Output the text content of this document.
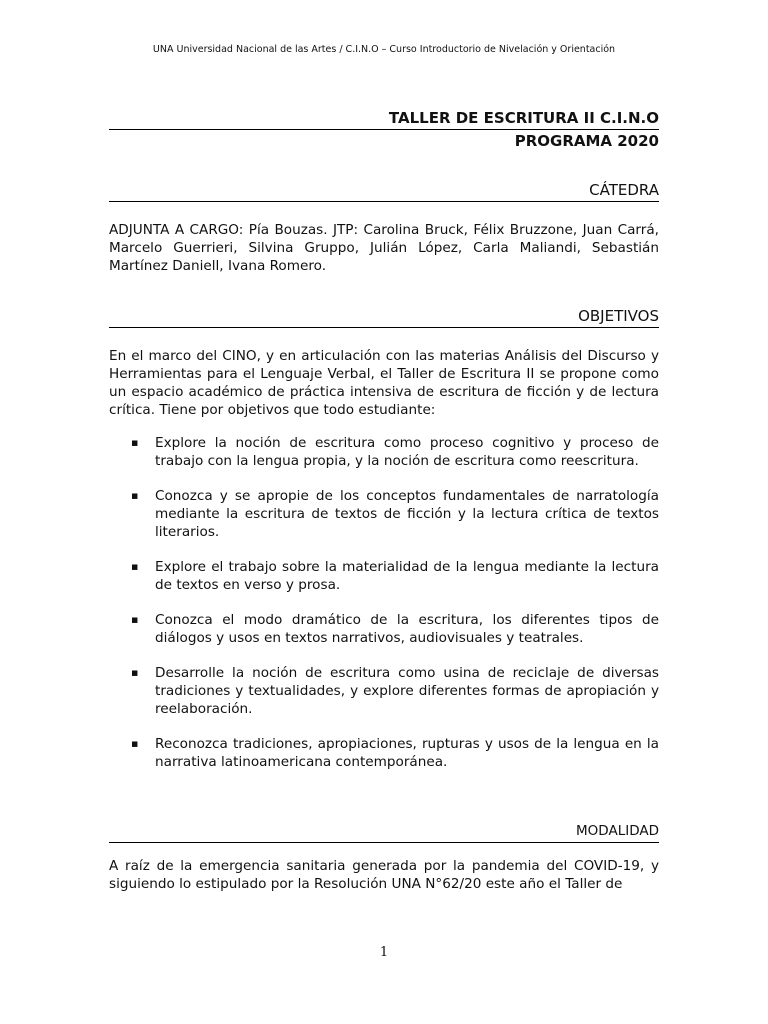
UNA Universidad Nacional de las Artes / C.I.N.O – Curso Introductorio de Nivelación y Orientación
TALLER DE ESCRITURA II C.I.N.O
PROGRAMA 2020
CÁTEDRA

ADJUNTA A CARGO: Pía Bouzas. JTP: Carolina Bruck, Félix Bruzzone, Juan Carrá, Marcelo Guerrieri, Silvina Gruppo, Julián López, Carla Maliandi, Sebastián Martínez Daniell, Ivana Romero.

OBJETIVOS

En el marco del CINO, y en articulación con las materias Análisis del Discurso y Herramientas para el Lenguaje Verbal, el Taller de Escritura II se propone como un espacio académico de práctica intensiva de escritura de ficción y de lectura crítica. Tiene por objetivos que todo estudiante:

▪ Explore la noción de escritura como proceso cognitivo y proceso de trabajo con la lengua propia, y la noción de escritura como reescritura.
▪ Conozca y se apropie de los conceptos fundamentales de narratología mediante la escritura de textos de ficción y la lectura crítica de textos literarios.
▪ Explore el trabajo sobre la materialidad de la lengua mediante la lectura de textos en verso y prosa.
▪ Conozca el modo dramático de la escritura, los diferentes tipos de diálogos y usos en textos narrativos, audiovisuales y teatrales.
▪ Desarrolle la noción de escritura como usina de reciclaje de diversas tradiciones y textualidades, y explore diferentes formas de apropiación y reelaboración.
▪ Reconozca tradiciones, apropiaciones, rupturas y usos de la lengua en la narrativa latinoamericana contemporánea.
MODALIDAD

A raíz de la emergencia sanitaria generada por la pandemia del COVID-19, y siguiendo lo estipulado por la Resolución UNA N°62/20 este año el Taller de

1
